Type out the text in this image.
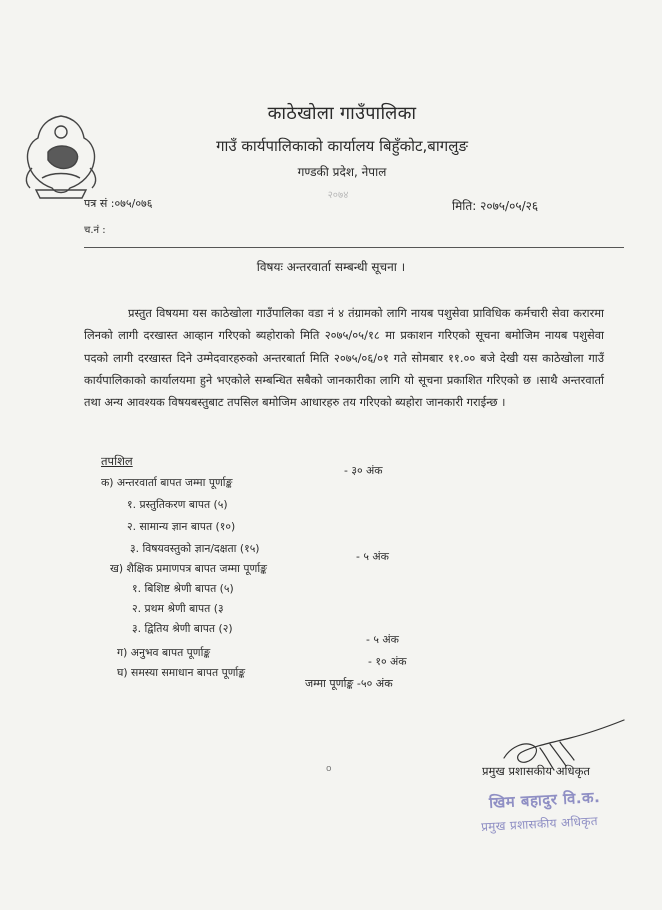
२०७४
काठेखोला गाउँपालिका
गाउँ कार्यपालिकाको कार्यालय बिहुँकोट,बागलुङ
गण्डकी प्रदेश, नेपाल
पत्र सं :०७५/०७६
च.नं :
मिति: २०७५/०५/२६
विषयः अन्तरवार्ता सम्बन्धी सूचना ।
प्रस्तुत विषयमा यस काठेखोला गाउँपालिका वडा नं ४ तंग्रामको लागि नायब पशुसेवा प्राविधिक कर्मचारी सेवा करारमा लिनको लागी दरखास्त आव्हान गरिएको ब्यहोराको मिति २०७५/०५/१८ मा प्रकाशन गरिएको सूचना बमोजिम नायब पशुसेवा पदको लागी दरखास्त दिने उम्मेदवारहरुको अन्तरबार्ता मिति २०७५/०६/०१ गते सोमबार ११.०० बजे देखी यस काठेखोला गाउँ कार्यपालिकाको कार्यालयमा हुने भएकोले सम्बन्धित सबैको जानकारीका लागि यो सूचना प्रकाशित गरिएको छ ।साथै अन्तरवार्ता तथा अन्य आवश्यक विषयबस्तुबाट तपसिल बमोजिम आधारहरु तय गरिएको ब्यहोरा जानकारी गराईन्छ ।
तपशिल
क) अन्तरवार्ता बापत जम्मा पूर्णाङ्क
- ३० अंक
१. प्रस्तुतिकरण बापत (५)
२. सामान्य ज्ञान बापत (१०)
३. विषयवस्तुको ज्ञान/दक्षता (१५)
ख) शैक्षिक प्रमाणपत्र बापत जम्मा पूर्णाङ्क
- ५ अंक
१. बिशिष्ट श्रेणी बापत (५)
२. प्रथम श्रेणी बापत (३
३. द्वितिय श्रेणी बापत (२)
ग) अनुभव बापत पूर्णाङ्क
- ५ अंक
घ) समस्या समाधान बापत पूर्णाङ्क
- १० अंक
जम्मा पूर्णाङ्क -५० अंक
o	प्रमुख प्रशासकीय अधिकृत
खिम बहादुर वि.क.
प्रमुख प्रशासकीय अधिकृत
